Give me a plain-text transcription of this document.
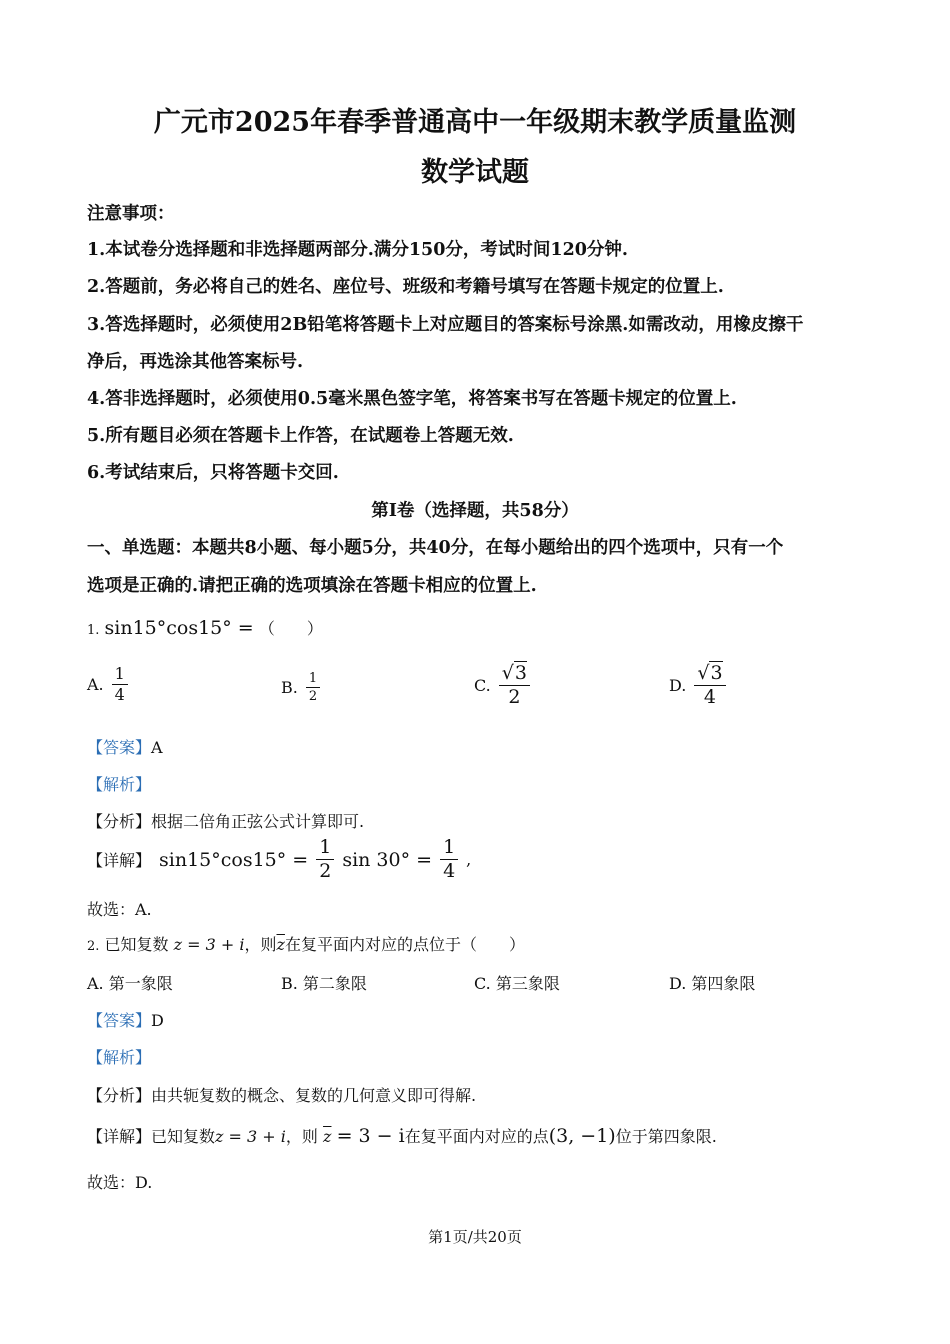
广元市2025年春季普通高中一年级期末教学质量监测
数学试题
注意事项：
1.本试卷分选择题和非选择题两部分.满分150分，考试时间120分钟.
2.答题前，务必将自己的姓名、座位号、班级和考籍号填写在答题卡规定的位置上.
3.答选择题时，必须使用2B铅笔将答题卡上对应题目的答案标号涂黑.如需改动，用橡皮擦干
净后，再选涂其他答案标号.
4.答非选择题时，必须使用0.5毫米黑色签字笔，将答案书写在答题卡规定的位置上.
5.所有题目必须在答题卡上作答，在试题卷上答题无效.
6.考试结束后，只将答题卡交回.
第Ⅰ卷（选择题，共58分）
一、单选题：本题共8小题、每小题5分，共40分，在每小题给出的四个选项中，只有一个
选项是正确的.请把正确的选项填涂在答题卡相应的位置上.
1. sin15°cos15° = （　　）
A. $\frac{1}{4}$	B. $\frac{1}{2}$	C. $\frac{√3}{2}$	D. $\frac{√3}{4}$
【答案】A
【解析】
【分析】根据二倍角正弦公式计算即可.
【详解】 $\sin 15^\circ\cos 15^\circ = \frac{1}{2}$ $\sin 30^\circ = \frac{1}{4}$ ,
故选：A.
2. 已知复数 z = 3 + i，则$\overline{z}$在复平面内对应的点位于（　　）
A. 第一象限	B. 第二象限	C. 第三象限	D. 第四象限
【答案】D
【解析】
【分析】由共轭复数的概念、复数的几何意义即可得解.
【详解】已知复数z = 3 + i，则 $\overline{z} = 3 - i$在复平面内对应的点(3, −1)位于第四象限.
故选：D.
第1页/共20页
